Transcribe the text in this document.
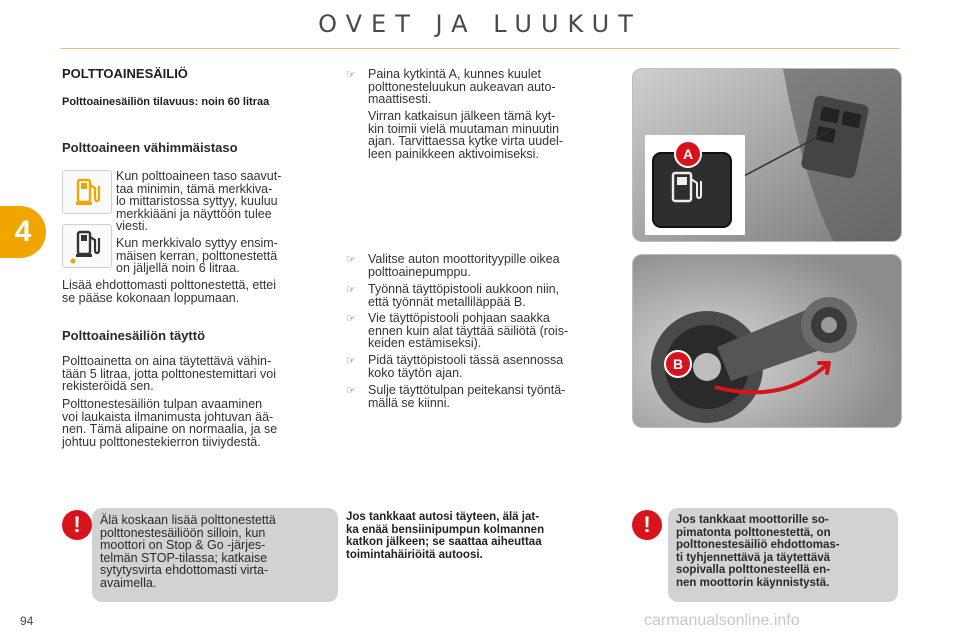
OVET JA LUUKUT
4
POLTTOAINESÄILIÖ
Polttoainesäiliön tilavuus: noin 60 litraa
Polttoaineen vähimmäistaso
Kun polttoaineen taso saavut-
taa minimin, tämä merkkiva-
lo mittaristossa syttyy, kuuluu
merkkiääni ja näyttöön tulee
viesti.
Kun merkkivalo syttyy ensim-
mäisen kerran, polttonestettä
on jäljellä noin 6 litraa.
Lisää ehdottomasti polttonestettä, ettei
se pääse kokonaan loppumaan.
Polttoainesäiliön täyttö
Polttoainetta on aina täytettävä vähin-
tään 5 litraa, jotta polttonestemittari voi
rekisteröidä sen.
Polttonestesäiliön tulpan avaaminen
voi laukaista ilmanimusta johtuvan ää-
nen. Tämä alipaine on normaalia, ja se
johtuu polttonestekierron tiiviydestä.
☞ Paina kytkintä A, kunnes kuulet
polttonesteluukun aukeavan auto-
maattisesti.
Virran katkaisun jälkeen tämä kyt-
kin toimii vielä muutaman minuutin
ajan. Tarvittaessa kytke virta uudel-
leen painikkeen aktivoimiseksi.
☞ Valitse auton moottorityypille oikea
polttoainepumppu.
☞ Työnnä täyttöpistooli aukkoon niin,
että työnnät metalliläppää B.
☞ Vie täyttöpistooli pohjaan saakka
ennen kuin alat täyttää säiliötä (rois-
keiden estämiseksi).
☞ Pidä täyttöpistooli tässä asennossa
koko täytön ajan.
☞ Sulje täyttötulpan peitekansi työntä-
mällä se kiinni.
A
B
!	Älä koskaan lisää polttonestettä
polttonestesäiliöön silloin, kun
moottori on Stop & Go -järjes-
telmän STOP-tilassa; katkaise
sytytysvirta ehdottomasti virta-
avaimella.
Jos tankkaat autosi täyteen, älä jat-
ka enää bensiinipumpun kolmannen
katkon jälkeen; se saattaa aiheuttaa
toimintahäiriöitä autoosi.
!	Jos tankkaat moottorille so-
pimatonta polttonestettä, on
polttonestesäiliö ehdottomas-
ti tyhjennettävä ja täytettävä
sopivalla polttonesteellä en-
nen moottorin käynnistystä.
94	carmanualsonline.info
